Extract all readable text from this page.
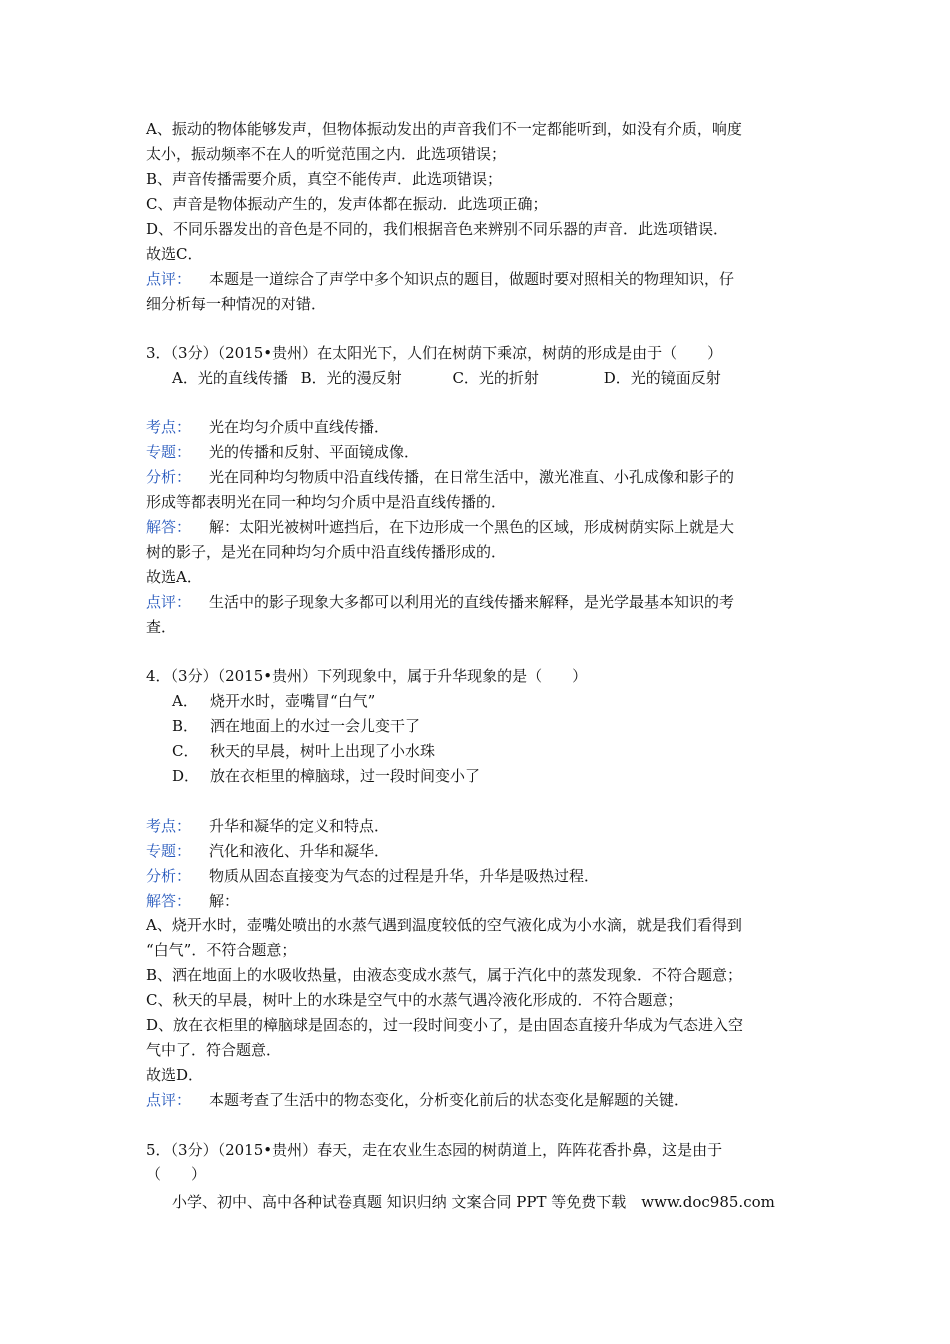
A、振动的物体能够发声，但物体振动发出的声音我们不一定都能听到，如没有介质，响度
太小，振动频率不在人的听觉范围之内．此选项错误；
B、声音传播需要介质，真空不能传声．此选项错误；
C、声音是物体振动产生的，发声体都在振动．此选项正确；
D、不同乐器发出的音色是不同的，我们根据音色来辨别不同乐器的声音．此选项错误．
故选C．
点评： 本题是一道综合了声学中多个知识点的题目，做题时要对照相关的物理知识，仔
细分析每一种情况的对错．
3．（3分）（2015•贵州）在太阳光下，人们在树荫下乘凉，树荫的形成是由于（　　）
A．光的直线传播 B．光的漫反射	C．光的折射	D．光的镜面反射
考点： 光在均匀介质中直线传播．
专题： 光的传播和反射、平面镜成像．
分析： 光在同种均匀物质中沿直线传播，在日常生活中，激光准直、小孔成像和影子的
形成等都表明光在同一种均匀介质中是沿直线传播的．
解答： 解：太阳光被树叶遮挡后，在下边形成一个黑色的区域，形成树荫实际上就是大
树的影子，是光在同种均匀介质中沿直线传播形成的．
故选A．
点评： 生活中的影子现象大多都可以利用光的直线传播来解释，是光学最基本知识的考
查．
4．（3分）（2015•贵州）下列现象中，属于升华现象的是（　　）
A． 烧开水时，壶嘴冒“白气”
B． 洒在地面上的水过一会儿变干了
C． 秋天的早晨，树叶上出现了小水珠
D． 放在衣柜里的樟脑球，过一段时间变小了
考点： 升华和凝华的定义和特点．
专题： 汽化和液化、升华和凝华．
分析： 物质从固态直接变为气态的过程是升华，升华是吸热过程．
解答： 解：
A、烧开水时，壶嘴处喷出的水蒸气遇到温度较低的空气液化成为小水滴，就是我们看得到
“白气”．不符合题意；
B、洒在地面上的水吸收热量，由液态变成水蒸气，属于汽化中的蒸发现象．不符合题意；
C、秋天的早晨，树叶上的水珠是空气中的水蒸气遇冷液化形成的．不符合题意；
D、放在衣柜里的樟脑球是固态的，过一段时间变小了，是由固态直接升华成为气态进入空
气中了．符合题意．
故选D．
点评： 本题考查了生活中的物态变化，分析变化前后的状态变化是解题的关键．
5．（3分）（2015•贵州）春天，走在农业生态园的树荫道上，阵阵花香扑鼻，这是由于
（　　）
小学、初中、高中各种试卷真题 知识归纳 文案合同 PPT 等免费下载　www.doc985.com
